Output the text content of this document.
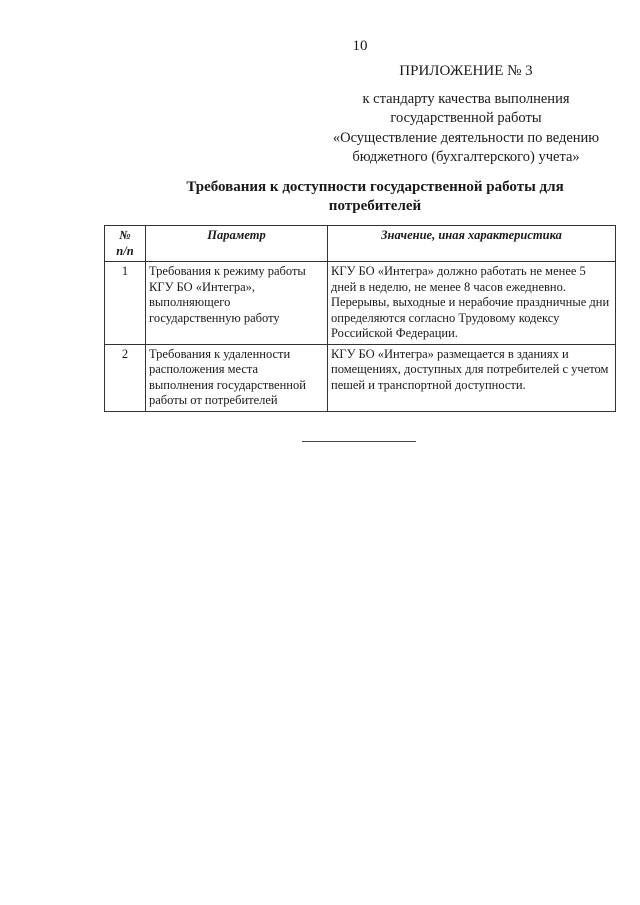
10
ПРИЛОЖЕНИЕ № 3
к стандарту качества выполнения
государственной работы
«Осуществление деятельности по ведению
бюджетного (бухгалтерского) учета»
Требования к доступности государственной работы для
потребителей
№
п/п	Параметр	Значение, иная характеристика
1	Требования к режиму работы КГУ БО «Интегра», выполняющего государственную работу	КГУ БО «Интегра» должно работать не менее 5 дней в неделю, не менее 8 часов ежедневно. Перерывы, выходные и нерабочие праздничные дни определяются согласно Трудовому кодексу Российской Федерации.
2	Требования к удаленности расположения места выполнения государственной работы от потребителей	КГУ БО «Интегра» размещается в зданиях и помещениях, доступных для потребителей с учетом пешей и транспортной доступности.
